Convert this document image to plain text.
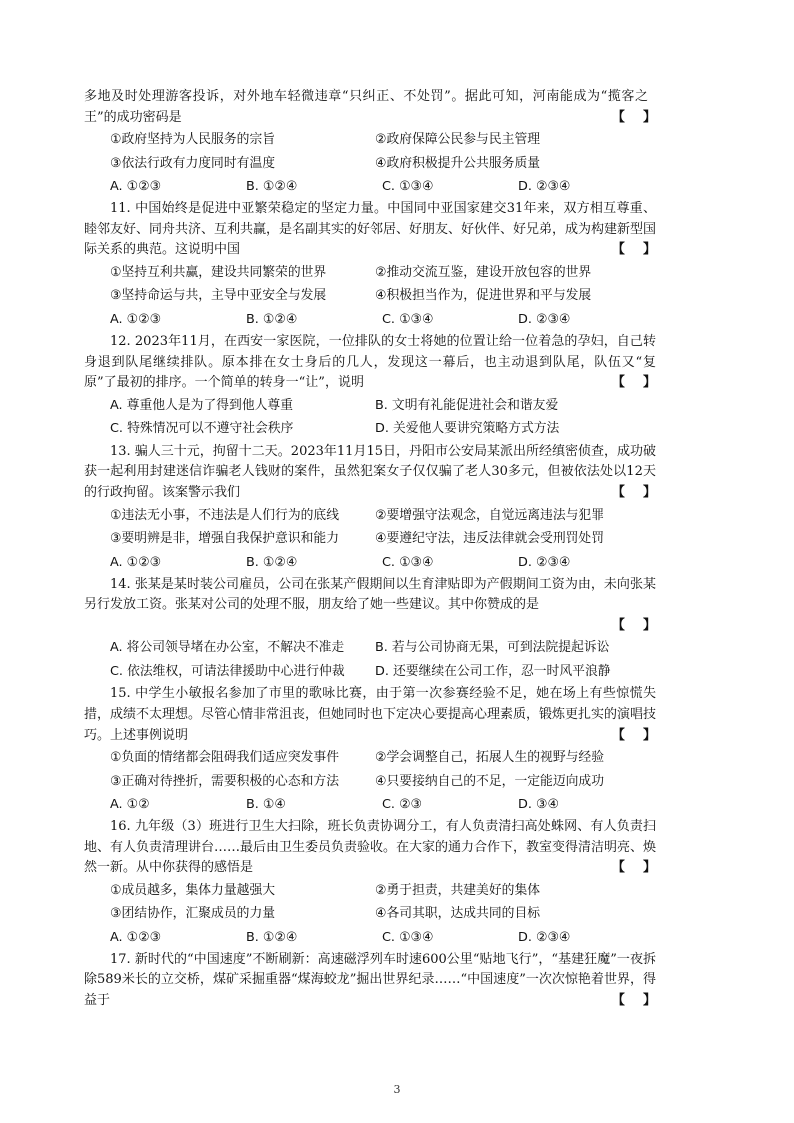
多地及时处理游客投诉，对外地车轻微违章“只纠正、不处罚”。据此可知，河南能成为“揽客之王”的成功密码是	【    】
①政府坚持为人民服务的宗旨	②政府保障公民参与民主管理
③依法行政有力度同时有温度	④政府积极提升公共服务质量
A. ①②③	B. ①②④	C. ①③④	D. ②③④

11. 中国始终是促进中亚繁荣稳定的坚定力量。中国同中亚国家建交31年来，双方相互尊重、睦邻友好、同舟共济、互利共赢，是名副其实的好邻居、好朋友、好伙伴、好兄弟，成为构建新型国际关系的典范。这说明中国	【    】
①坚持互利共赢，建设共同繁荣的世界	②推动交流互鉴，建设开放包容的世界
③坚持命运与共，主导中亚安全与发展	④积极担当作为，促进世界和平与发展
A. ①②③	B. ①②④	C. ①③④	D. ②③④

12. 2023年11月，在西安一家医院，一位排队的女士将她的位置让给一位着急的孕妇，自己转身退到队尾继续排队。原本排在女士身后的几人，发现这一幕后，也主动退到队尾，队伍又“复原”了最初的排序。一个简单的转身一“让”，说明	【    】
A. 尊重他人是为了得到他人尊重	B. 文明有礼能促进社会和谐友爱
C. 特殊情况可以不遵守社会秩序	D. 关爱他人要讲究策略方式方法

13. 骗人三十元，拘留十二天。2023年11月15日，丹阳市公安局某派出所经缜密侦查，成功破获一起利用封建迷信诈骗老人钱财的案件，虽然犯案女子仅仅骗了老人30多元，但被依法处以12天的行政拘留。该案警示我们	【    】
①违法无小事，不违法是人们行为的底线	②要增强守法观念，自觉远离违法与犯罪
③要明辨是非，增强自我保护意识和能力	④要遵纪守法，违反法律就会受刑罚处罚
A. ①②③	B. ①②④	C. ①③④	D. ②③④

14. 张某是某时装公司雇员，公司在张某产假期间以生育津贴即为产假期间工资为由，未向张某另行发放工资。张某对公司的处理不服，朋友给了她一些建议。其中你赞成的是

【    】
A. 将公司领导堵在办公室，不解决不准走	B. 若与公司协商无果，可到法院提起诉讼
C. 依法维权，可请法律援助中心进行仲裁	D. 还要继续在公司工作，忍一时风平浪静

15. 中学生小敏报名参加了市里的歌咏比赛，由于第一次参赛经验不足，她在场上有些惊慌失措，成绩不太理想。尽管心情非常沮丧，但她同时也下定决心要提高心理素质，锻炼更扎实的演唱技巧。上述事例说明	【    】
①负面的情绪都会阻碍我们适应突发事件	②学会调整自己，拓展人生的视野与经验
③正确对待挫折，需要积极的心态和方法	④只要接纳自己的不足，一定能迈向成功
A. ①②	B. ①④	C. ②③	D. ③④

16. 九年级（3）班进行卫生大扫除，班长负责协调分工，有人负责清扫高处蛛网、有人负责扫地、有人负责清理讲台……最后由卫生委员负责验收。在大家的通力合作下，教室变得清洁明亮、焕然一新。从中你获得的感悟是	【    】
①成员越多，集体力量越强大	②勇于担责，共建美好的集体
③团结协作，汇聚成员的力量	④各司其职，达成共同的目标
A. ①②③	B. ①②④	C. ①③④	D. ②③④

17. 新时代的“中国速度”不断刷新：高速磁浮列车时速600公里“贴地飞行”，“基建狂魔”一夜拆除589米长的立交桥，煤矿采掘重器“煤海蛟龙”掘出世界纪录……“中国速度”一次次惊艳着世界，得益于	【    】
3
